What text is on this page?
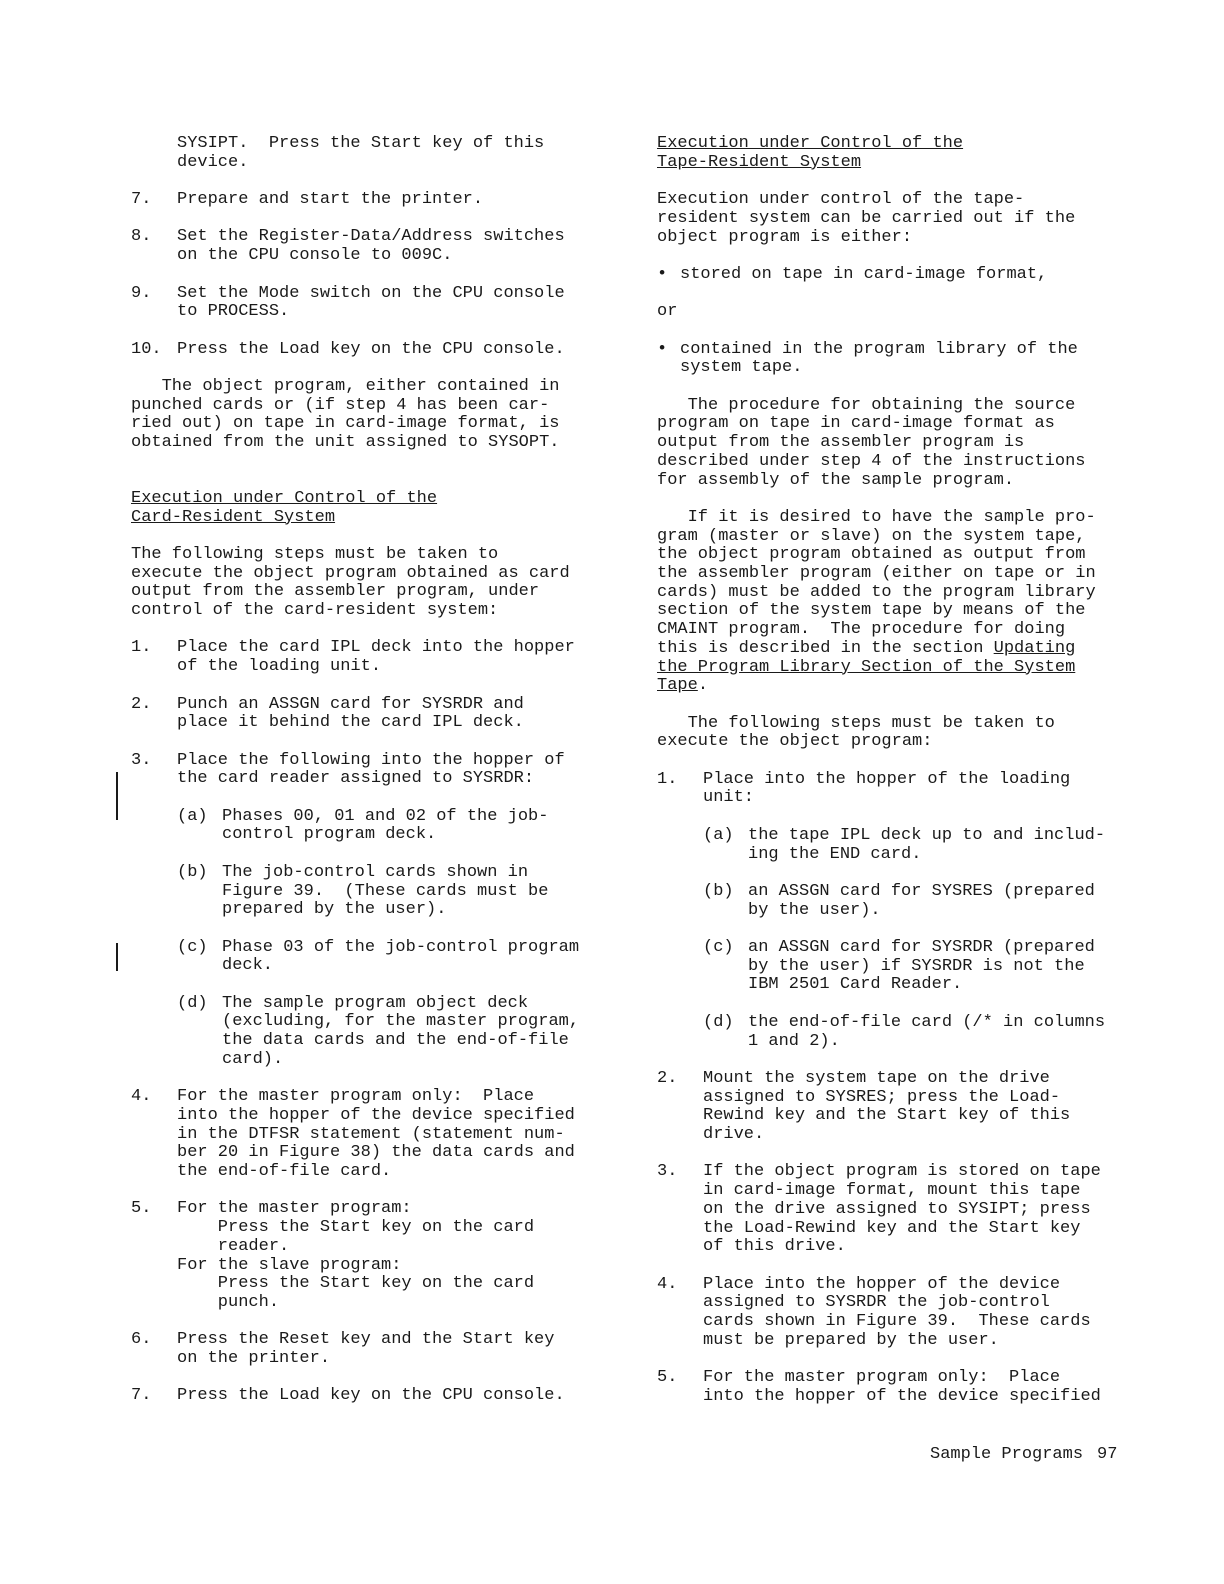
SYSIPT.  Press the Start key of this
device.
7. Prepare and start the printer.
8. Set the Register-Data/Address switches
on the CPU console to 009C.
9. Set the Mode switch on the CPU console
to PROCESS.
10. Press the Load key on the CPU console.
The object program, either contained in
punched cards or (if step 4 has been car-
ried out) on tape in card-image format, is
obtained from the unit assigned to SYSOPT.
Execution under Control of the
Card-Resident System
The following steps must be taken to
execute the object program obtained as card
output from the assembler program, under
control of the card-resident system:
1. Place the card IPL deck into the hopper
of the loading unit.
2. Punch an ASSGN card for SYSRDR and
place it behind the card IPL deck.
3. Place the following into the hopper of
the card reader assigned to SYSRDR:
(a) Phases 00, 01 and 02 of the job-
control program deck.
(b) The job-control cards shown in
Figure 39.  (These cards must be
prepared by the user).
(c) Phase 03 of the job-control program
deck.
(d) The sample program object deck
(excluding, for the master program,
the data cards and the end-of-file
card).
4. For the master program only:  Place
into the hopper of the device specified
in the DTFSR statement (statement num-
ber 20 in Figure 38) the data cards and
the end-of-file card.
5. For the master program:
Press the Start key on the card
reader.
For the slave program:
Press the Start key on the card
punch.
6. Press the Reset key and the Start key
on the printer.
7. Press the Load key on the CPU console.
Execution under Control of the
Tape-Resident System
Execution under control of the tape-
resident system can be carried out if the
object program is either:
• stored on tape in card-image format,
or
• contained in the program library of the
system tape.
The procedure for obtaining the source
program on tape in card-image format as
output from the assembler program is
described under step 4 of the instructions
for assembly of the sample program.
If it is desired to have the sample pro-
gram (master or slave) on the system tape,
the object program obtained as output from
the assembler program (either on tape or in
cards) must be added to the program library
section of the system tape by means of the
CMAINT program.  The procedure for doing
this is described in the section Updating
the Program Library Section of the System
Tape.
The following steps must be taken to
execute the object program:
1. Place into the hopper of the loading
unit:
(a) the tape IPL deck up to and includ-
ing the END card.
(b) an ASSGN card for SYSRES (prepared
by the user).
(c) an ASSGN card for SYSRDR (prepared
by the user) if SYSRDR is not the
IBM 2501 Card Reader.
(d) the end-of-file card (/* in columns
1 and 2).
2. Mount the system tape on the drive
assigned to SYSRES; press the Load-
Rewind key and the Start key of this
drive.
3. If the object program is stored on tape
in card-image format, mount this tape
on the drive assigned to SYSIPT; press
the Load-Rewind key and the Start key
of this drive.
4. Place into the hopper of the device
assigned to SYSRDR the job-control
cards shown in Figure 39.  These cards
must be prepared by the user.
5. For the master program only:  Place
into the hopper of the device specified
Sample Programs 97
